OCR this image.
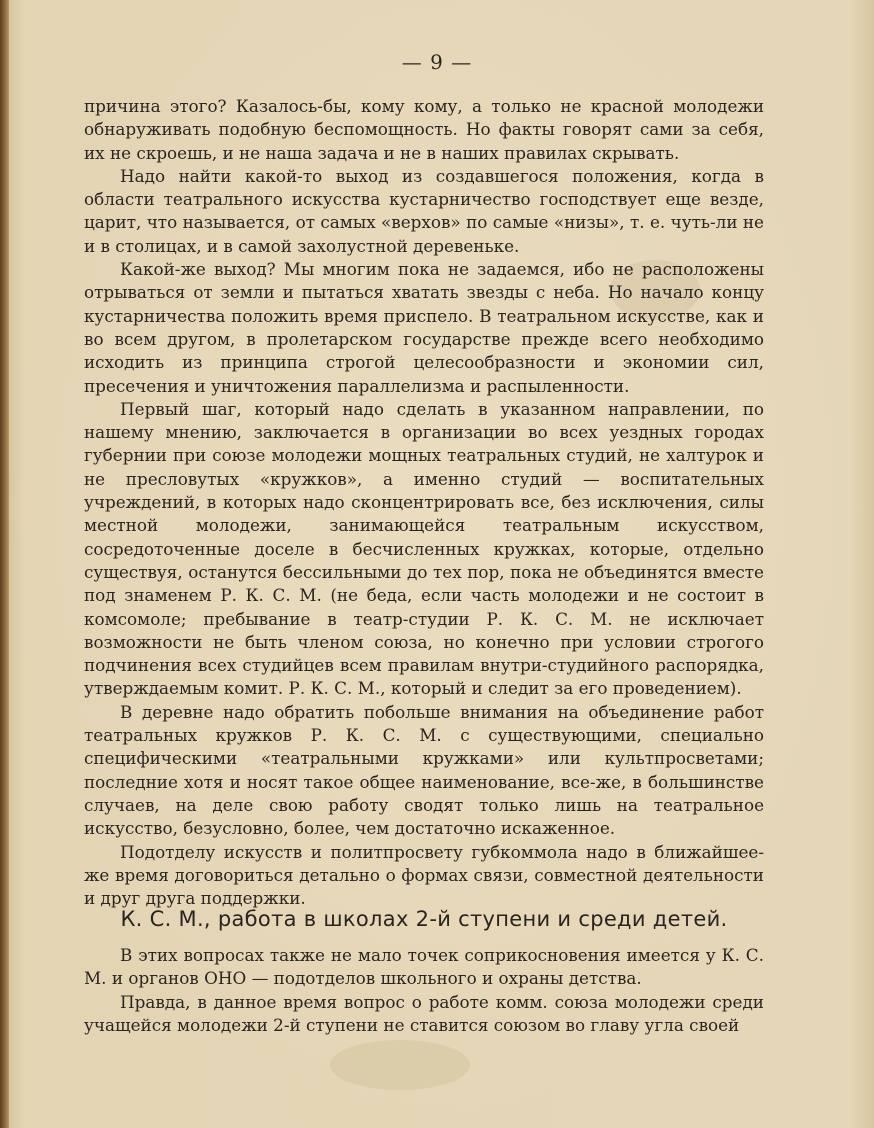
— 9 —

причина этого? Казалось-бы, кому кому, а только не красной молодежи обнаруживать подобную беспомощность. Но факты говорят сами за себя, их не скроешь, и не наша задача и не в наших правилах скрывать.

Надо найти какой-то выход из создавшегося положения, когда в области театрального искусства кустарничество господствует еще везде, царит, что называется, от самых «верхов» по самые «низы», т. е. чуть-ли не и в столицах, и в самой захолустной деревеньке.

Какой-же выход? Мы многим пока не задаемся, ибо не расположены отрываться от земли и пытаться хватать звезды с неба. Но начало концу кустарничества положить время приспело. В театральном искусстве, как и во всем другом, в пролетарском государстве прежде всего необходимо исходить из принципа строгой целесообразности и экономии сил, пресечения и уничтожения параллелизма и распыленности.

Первый шаг, который надо сделать в указанном направлении, по нашему мнению, заключается в организации во всех уездных городах губернии при союзе молодежи мощных театральных студий, не халтурок и не пресловутых «кружков», а именно студий — воспитательных учреждений, в которых надо сконцентрировать все, без исключения, силы местной молодежи, занимающейся театральным искусством, сосредоточенные доселе в бесчисленных кружках, которые, отдельно существуя, останутся бессильными до тех пор, пока не объединятся вместе под знаменем Р. К. С. М. (не беда, если часть молодежи и не состоит в комсомоле; пребывание в театр-студии Р. К. С. М. не исключает возможности не быть членом союза, но конечно при условии строгого подчинения всех студийцев всем правилам внутри-студийного распорядка, утверждаемым комит. Р. К. С. М., который и следит за его проведением).

В деревне надо обратить побольше внимания на объединение работ театральных кружков Р. К. С. М. с существующими, специально специфическими «театральными кружками» или культпросветами; последние хотя и носят такое общее наименование, все-же, в большинстве случаев, на деле свою работу сводят только лишь на театральное искусство, безусловно, более, чем достаточно искаженное.

Подотделу искусств и политпросвету губкоммола надо в ближайшее-же время договориться детально о формах связи, совместной деятельности и друг друга поддержки.

К. С. М., работа в школах 2-й ступени и среди детей.

В этих вопросах также не мало точек соприкосновения имеется у К. С. М. и органов ОНО — подотделов школьного и охраны детства.

Правда, в данное время вопрос о работе комм. союза молодежи среди учащейся молодежи 2-й ступени не ставится союзом во главу угла своей
